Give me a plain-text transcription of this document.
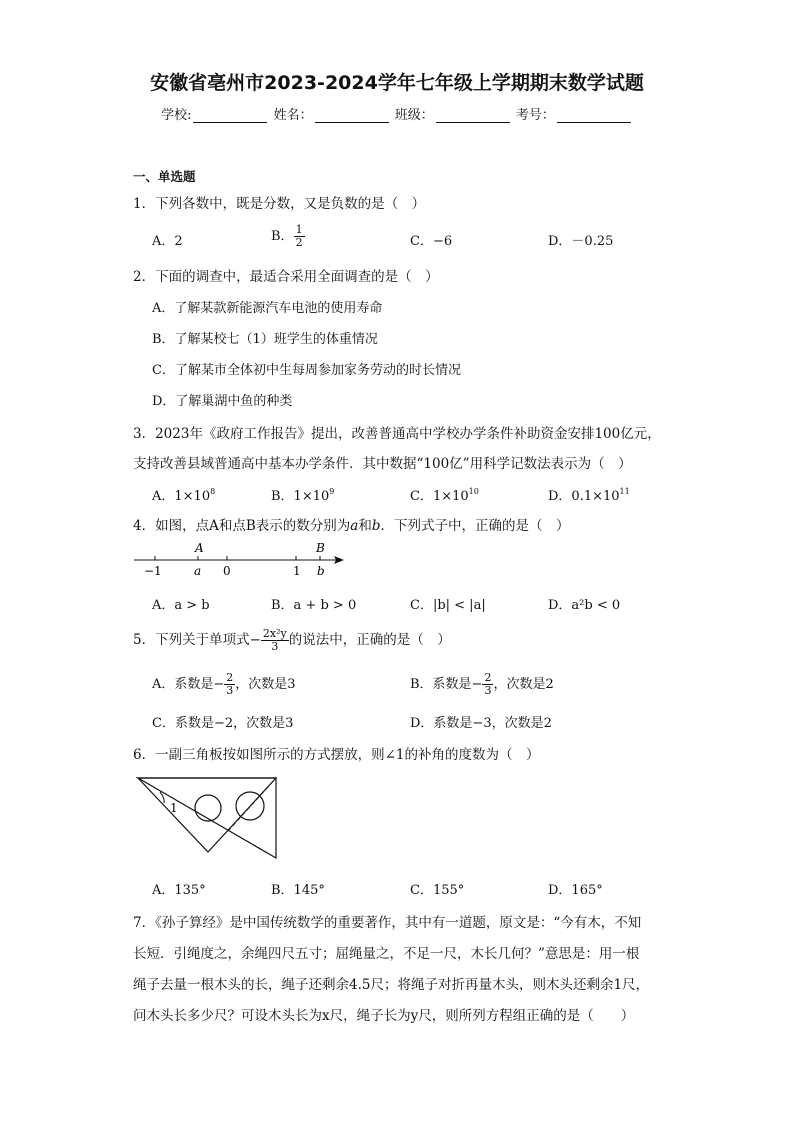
安徽省亳州市2023-2024学年七年级上学期期末数学试题
学校:	姓名：	班级：	考号：
一、单选题
1．下列各数中，既是分数，又是负数的是（　）
A．2	B． $\frac{1}{2}$	C．−6	D．－0.25
2．下面的调查中，最适合采用全面调查的是（　）
A．了解某款新能源汽车电池的使用寿命
B．了解某校七（1）班学生的体重情况
C．了解某市全体初中生每周参加家务劳动的时长情况
D．了解巢湖中鱼的种类
3．2023年《政府工作报告》提出，改善普通高中学校办学条件补助资金安排100亿元，
支持改善县域普通高中基本办学条件．其中数据“100亿”用科学记数法表示为（　）
A．$1\times 10^8$	B．$1\times 10^9$	C．$1\times 10^{10}$	D．$0.1\times 10^{11}$
4．如图，点A和点B表示的数分别为a和b．下列式子中，正确的是（　）
A	B
−1	a 0	1 b
A．a > b	B．a + b > 0	C．|b| < |a|	D．a²b < 0
5．下列关于单项式− $\frac{\text{2x²y}}{3}$ 的说法中，正确的是（　）
A．系数是− $\frac{2}{3}$ ，次数是3	B．系数是− $\frac{2}{3}$ ，次数是2
C．系数是−2，次数是3	D．系数是−3，次数是2
6．一副三角板按如图所示的方式摆放，则∠1的补角的度数为（　）
1
A．135°	B．145°	C．155°	D．165°
7．《孙子算经》是中国传统数学的重要著作，其中有一道题，原文是：“今有木，不知
长短．引绳度之，余绳四尺五寸；屈绳量之，不足一尺，木长几何？”意思是：用一根
绳子去量一根木头的长，绳子还剩余4.5尺；将绳子对折再量木头，则木头还剩余1尺，
问木头长多少尺？可设木头长为x尺，绳子长为y尺，则所列方程组正确的是（　　）
